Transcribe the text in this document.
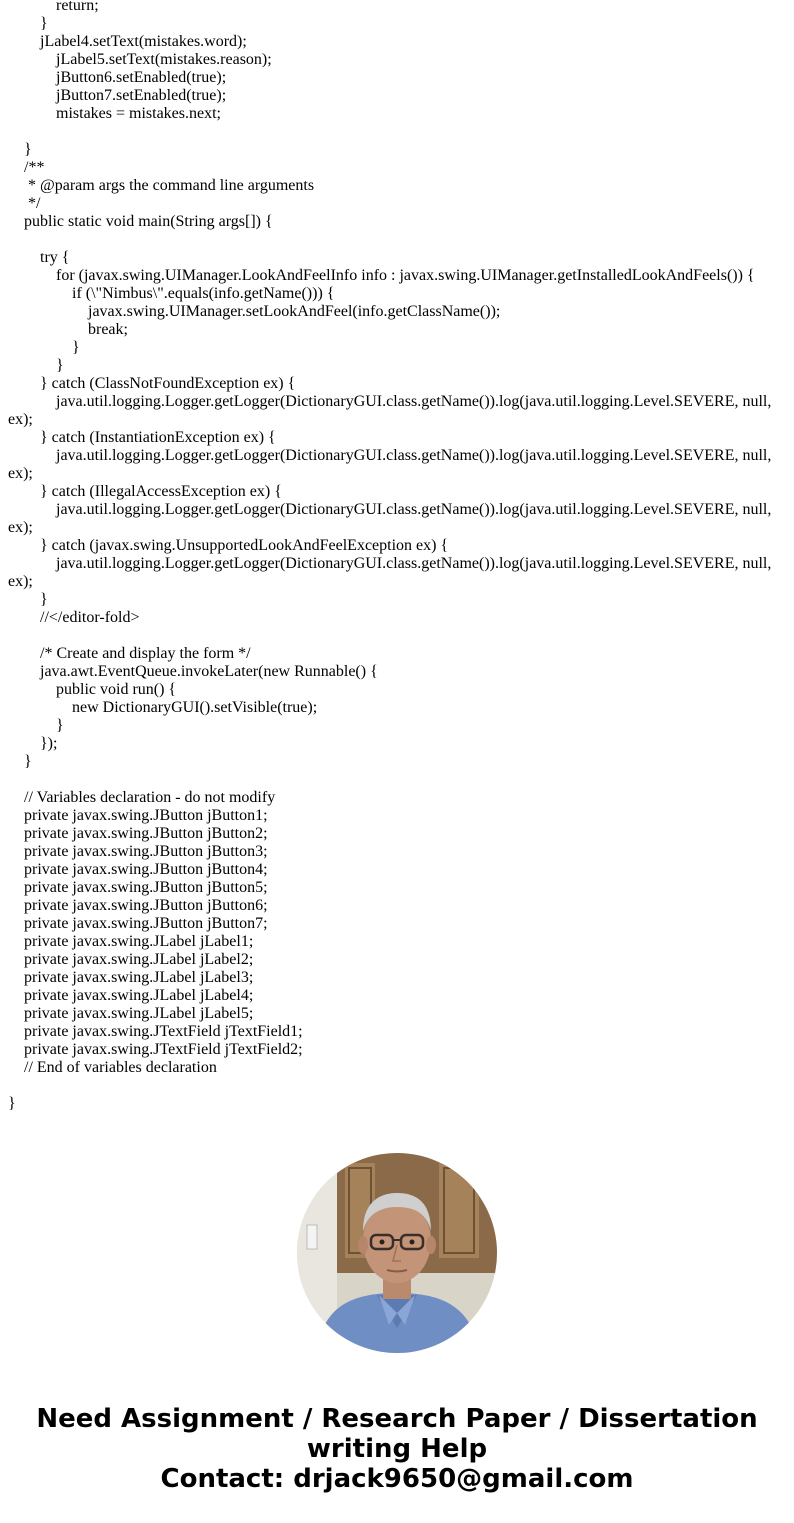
return;
}
jLabel4.setText(mistakes.word);
jLabel5.setText(mistakes.reason);
jButton6.setEnabled(true);
jButton7.setEnabled(true);
mistakes = mistakes.next;
}
/**
* @param args the command line arguments
*/
public static void main(String args[]) {
try {
for (javax.swing.UIManager.LookAndFeelInfo info : javax.swing.UIManager.getInstalledLookAndFeels()) {
if (\"Nimbus\".equals(info.getName())) {
javax.swing.UIManager.setLookAndFeel(info.getClassName());
break;
}
}
} catch (ClassNotFoundException ex) {
java.util.logging.Logger.getLogger(DictionaryGUI.class.getName()).log(java.util.logging.Level.SEVERE, null,
ex);
} catch (InstantiationException ex) {
java.util.logging.Logger.getLogger(DictionaryGUI.class.getName()).log(java.util.logging.Level.SEVERE, null,
ex);
} catch (IllegalAccessException ex) {
java.util.logging.Logger.getLogger(DictionaryGUI.class.getName()).log(java.util.logging.Level.SEVERE, null,
ex);
} catch (javax.swing.UnsupportedLookAndFeelException ex) {
java.util.logging.Logger.getLogger(DictionaryGUI.class.getName()).log(java.util.logging.Level.SEVERE, null,
ex);
}
//</editor-fold>
/* Create and display the form */
java.awt.EventQueue.invokeLater(new Runnable() {
public void run() {
new DictionaryGUI().setVisible(true);
}
});
}
// Variables declaration - do not modify
private javax.swing.JButton jButton1;
private javax.swing.JButton jButton2;
private javax.swing.JButton jButton3;
private javax.swing.JButton jButton4;
private javax.swing.JButton jButton5;
private javax.swing.JButton jButton6;
private javax.swing.JButton jButton7;
private javax.swing.JLabel jLabel1;
private javax.swing.JLabel jLabel2;
private javax.swing.JLabel jLabel3;
private javax.swing.JLabel jLabel4;
private javax.swing.JLabel jLabel5;
private javax.swing.JTextField jTextField1;
private javax.swing.JTextField jTextField2;
// End of variables declaration
}
Need Assignment / Research Paper / Dissertation
writing Help
Contact: drjack9650@gmail.com
